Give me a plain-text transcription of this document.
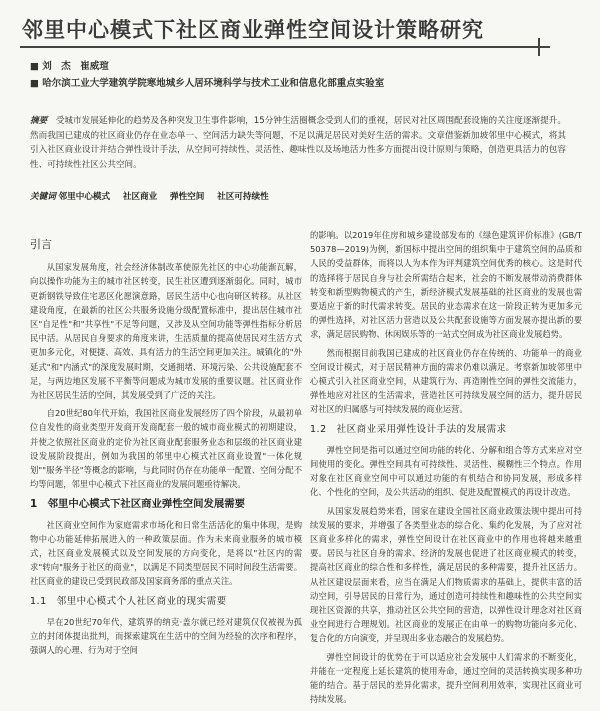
邻里中心模式下社区商业弹性空间设计策略研究
■ 刘　杰　崔威瑄
■ 哈尔滨工业大学建筑学院寒地城乡人居环境科学与技术工业和信息化部重点实验室
摘要　受城市发展延伸化的趋势及各种突发卫生事件影响，15分钟生活圈概念受到人们的重视，居民对社区周围配套设施的关注度逐渐提升。然而我国已建成的社区商业仍存在业态单一、空间活力缺失等问题，不足以满足居民对美好生活的需求。文章借鉴新加坡邻里中心模式，将其引入社区商业设计并结合弹性设计手法，从空间可持续性、灵活性、趣味性以及场地活力性多方面提出设计原则与策略，创造更具活力的包容性、可持续性社区公共空间。
关键词 邻里中心模式 社区商业 弹性空间 社区可持续性
引言

从国家发展角度，社会经济体制改革使原先社区的中心功能渐瓦解，向以操作功能为主的城市社区转变，民生社区遭到逐渐弱化。同时，城市更新钢铁导致住宅恶区化愿演意路，居民生活中心也向研区转移。从社区建设角度，在最新的社区公共服务设施分级配置标准中，提出居住城市社区"自足性"和"共享性"不足等问题，又涉及从空间功能等弹性指标分析居民中活。从居民自身要求的角度来讲，生活质量的提高使居民对生活方式更加多元化，对便捷、高效、具有活力的生活空间更加关注。城镇化的"外延式"和"内涵式"的深度发展时期，交通拥堵、环境污染、公共设施配套不足，与两边地区发展不平衡等问题成为城市发展的重要议题。社区商业作为社区居民生活的空间，其发展受到了广泛的关注。

自20世纪80年代开始，我国社区商业发展经历了四个阶段，从最初单位自发性的商业类型开发商开发商配套一般的城市商业模式的初期建设，并使之依照社区商业的定价为社区商业配套服务业态和层级的社区商业建设发展阶段提出，例如为我国的邻里中心模式社区商业设置"一体化规划""服务半径"等概念的影响，与此同时仍存在功能单一配置、空间分配不均等问题，邻里中心模式下社区商业的发展问题亟待解决。

1　邻里中心模式下社区商业弹性空间发展需要

社区商业空间作为家庭需求市场化和日常生活活化的集中体现，是购物中心功能延伸拓展进入的一种政策层面。作为未来商业服务的城市模式，社区商业发展模式以及空间发展的方向变化，是将以"社区内的需求"转向"服务于社区的商业"，以满足不同类型居民不同时间段生活需要。社区商业的建设已受到民政部及国家商务部的重点关注。

1.1　邻里中心模式个人社区商业的现实需要

早在20世纪70年代，建筑界的纳克·盖尔就已经对建筑仅仅被视为孤立的封闭体提出批判，而探索建筑在生活中的空间为经验的次序和程序，强调人的心理、行为对于空间

的影响。以2019年住房和城乡建设部发布的《绿色建筑评价标准》(GB/T 50378—2019)为例，新国标中提出空间的组织集中于建筑空间的品质和人民的受益群体，而将以人为本作为评判建筑空间优秀的核心。这是时代的选择将于居民自身与社会所需结合起来，社会的不断发展带动消费群体转变和新型购物模式的产生，新经济模式发展基础的社区商业的发展也需要适应于新的时代需求转变。居民的业态需求在这一阶段正转为更加多元的弹性选择，对社区活力营造以及公共配套设施等方面发展亦提出新的要求，满足居民购物、休闲娱乐等的一站式空间成为社区商业发展趋势。

然而根据目前我国已建成的社区商业仍存在传统的、功能单一的商业空间设计模式，对于居民精神方面的需求仍难以满足。考察新加坡邻里中心模式引入社区商业空间，从建筑行为、再造刚性空间的弹性交流能力，弹性地应对社区的生活需求，营造社区可持续发展空间的活力，提升居民对社区的归属感与可持续发展的商业运营。

1.2　社区商业采用弹性设计手法的发展需求

弹性空间是指可以通过空间功能的转化、分解和组合等方式来应对空间使用的变化。弹性空间具有可持续性、灵活性、模糊性三个特点。作用对象在社区商业空间中可以通过功能的有机结合和协同发展，形成多样化、个性化的空间，及公共活动的组织、促进及配置模式的再设计改造。

从国家发展趋势来看，国家在建设全国社区商业政策法规中提出可持续发展的要求，并增强了各类型业态的综合化、集约化发展，为了应对社区商业多样化的需求，弹性空间设计在社区商业中的作用也将越来越重要。居民与社区自身的需求、经济的发展也促进了社区商业模式的转变，提高社区商业的综合性和多样性，满足居民的多种需要，提升社区活力。从社区建设层面来看，应当在满足人们物质需求的基础上，提供丰富的活动空间，引导居民的日常行为，通过创造可持续性和趣味性的公共空间实现社区资源的共享，推动社区公共空间的营造，以弹性设计理念对社区商业空间进行合理规划。社区商业的发展正在由单一的购物功能向多元化、复合化的方向演变，并呈现出多业态融合的发展趋势。

弹性空间设计的优势在于可以适应社会发展中人们需求的不断变化，并能在一定程度上延长建筑的使用寿命，通过空间的灵活转换实现多种功能的结合。基于居民的差异化需求，提升空间利用效率，实现社区商业可持续发展。
